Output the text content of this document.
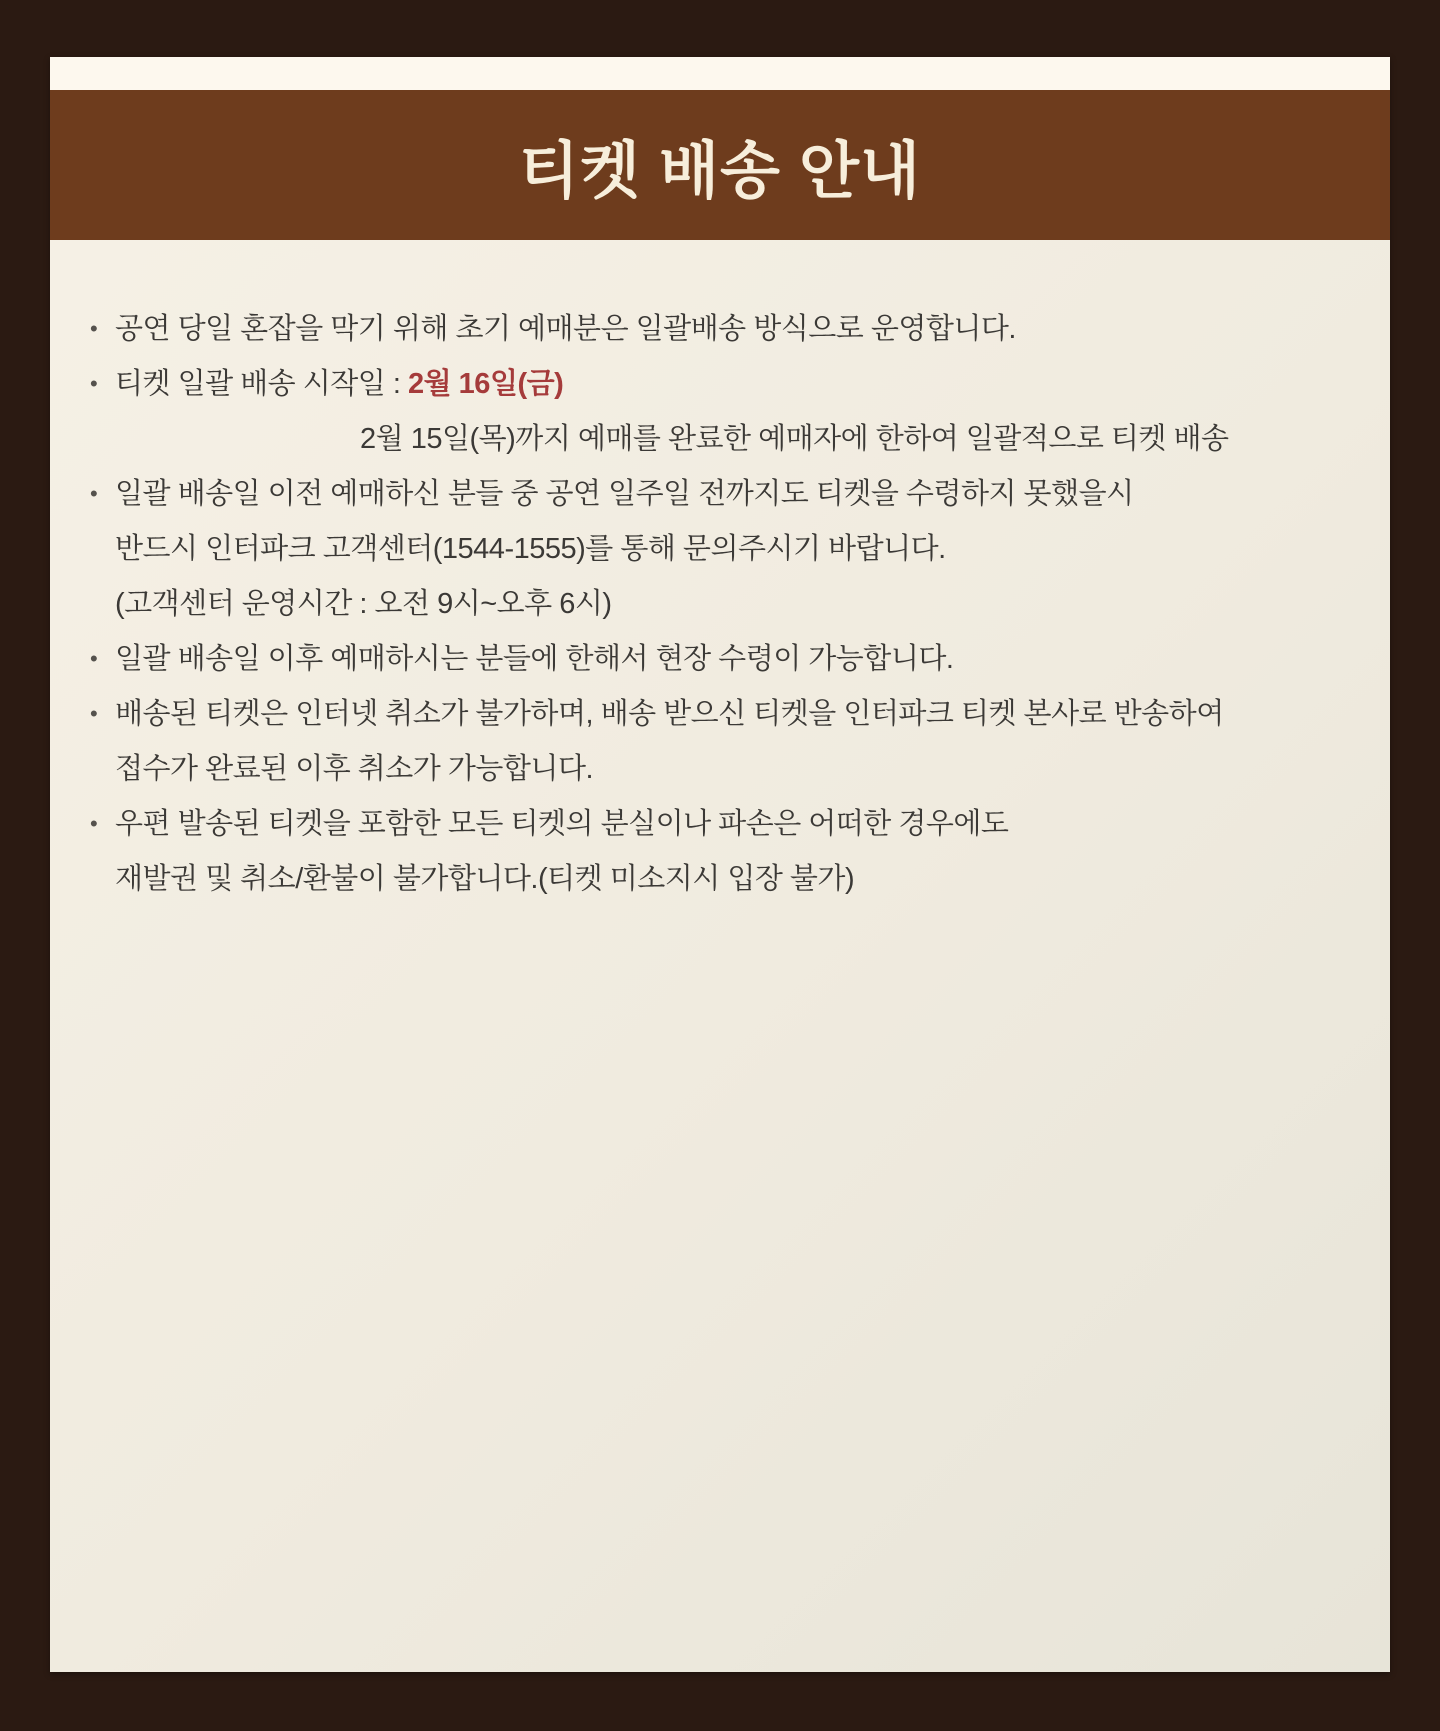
티켓 배송 안내
• 공연 당일 혼잡을 막기 위해 초기 예매분은 일괄배송 방식으로 운영합니다.
• 티켓 일괄 배송 시작일 : 2월 16일(금)
2월 15일(목)까지 예매를 완료한 예매자에 한하여 일괄적으로 티켓 배송
• 일괄 배송일 이전 예매하신 분들 중 공연 일주일 전까지도 티켓을 수령하지 못했을시
반드시 인터파크 고객센터(1544-1555)를 통해 문의주시기 바랍니다.
(고객센터 운영시간 : 오전 9시~오후 6시)
• 일괄 배송일 이후 예매하시는 분들에 한해서 현장 수령이 가능합니다.
• 배송된 티켓은 인터넷 취소가 불가하며, 배송 받으신 티켓을 인터파크 티켓 본사로 반송하여
접수가 완료된 이후 취소가 가능합니다.
• 우편 발송된 티켓을 포함한 모든 티켓의 분실이나 파손은 어떠한 경우에도
재발권 및 취소/환불이 불가합니다.(티켓 미소지시 입장 불가)
